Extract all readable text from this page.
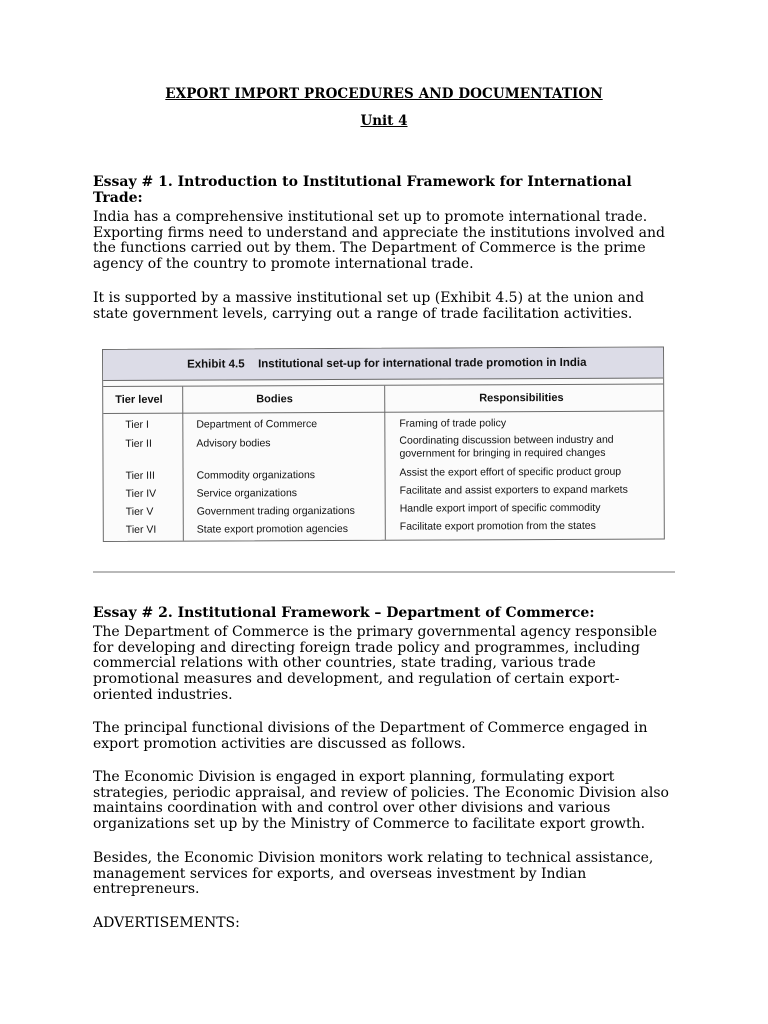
EXPORT IMPORT PROCEDURES AND DOCUMENTATION
Unit 4
Essay # 1. Introduction to Institutional Framework for International Trade:
India has a comprehensive institutional set up to promote international trade. Exporting firms need to understand and appreciate the institutions involved and the functions carried out by them. The Department of Commerce is the prime agency of the country to promote international trade.
It is supported by a massive institutional set up (Exhibit 4.5) at the union and state government levels, carrying out a range of trade facilitation activities.
Essay # 2. Institutional Framework – Department of Commerce:
The Department of Commerce is the primary governmental agency responsible for developing and directing foreign trade policy and programmes, including commercial relations with other countries, state trading, various trade promotional measures and development, and regulation of certain export-oriented industries.
The principal functional divisions of the Department of Commerce engaged in export promotion activities are discussed as follows.
The Economic Division is engaged in export planning, formulating export strategies, periodic appraisal, and review of policies. The Economic Division also maintains coordination with and control over other divisions and various organizations set up by the Ministry of Commerce to facilitate export growth.
Besides, the Economic Division monitors work relating to technical assistance, management services for exports, and overseas investment by Indian entrepreneurs.
ADVERTISEMENTS:
Exhibit 4.5 Institutional set-up for international trade promotion in India
Tier level	Bodies	Responsibilities
Tier I	Department of Commerce	Framing of trade policy
Tier II	Advisory bodies	Coordinating discussion between industry and government for bringing in required changes
Tier III	Commodity organizations	Assist the export effort of specific product group
Tier IV	Service organizations	Facilitate and assist exporters to expand markets
Tier V	Government trading organizations	Handle export import of specific commodity
Tier VI	State export promotion agencies	Facilitate export promotion from the states
